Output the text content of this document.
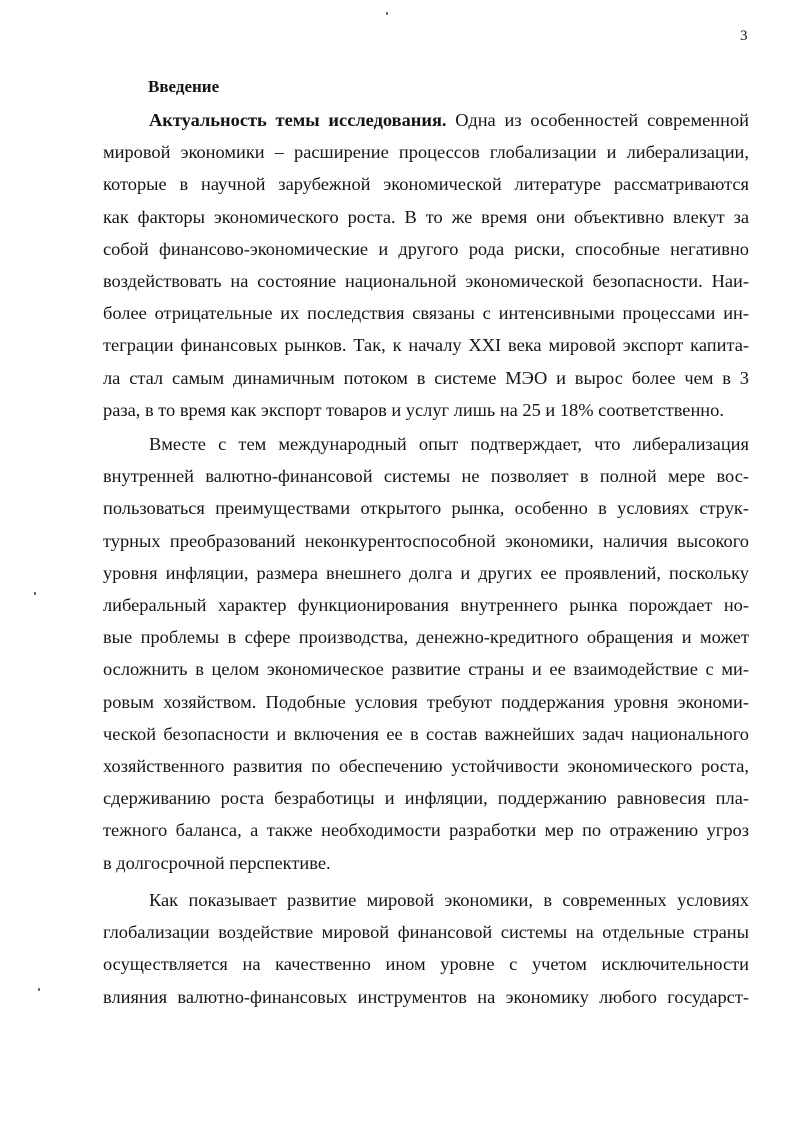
3
Введение
Актуальность темы исследования. Одна из особенностей современной
мировой экономики – расширение процессов глобализации и либерализации,
которые в научной зарубежной экономической литературе рассматриваются
как факторы экономического роста. В то же время они объективно влекут за
собой финансово-экономические и другого рода риски, способные негативно
воздействовать на состояние национальной экономической безопасности. Наи-
более отрицательные их последствия связаны с интенсивными процессами ин-
теграции финансовых рынков. Так, к началу XXI века мировой экспорт капита-
ла стал самым динамичным потоком в системе МЭО и вырос более чем в 3
раза, в то время как экспорт товаров и услуг лишь на 25 и 18% соответственно.
Вместе с тем международный опыт подтверждает, что либерализация
внутренней валютно-финансовой системы не позволяет в полной мере вос-
пользоваться преимуществами открытого рынка, особенно в условиях струк-
турных преобразований неконкурентоспособной экономики, наличия высокого
уровня инфляции, размера внешнего долга и других ее проявлений, поскольку
либеральный характер функционирования внутреннего рынка порождает но-
вые проблемы в сфере производства, денежно-кредитного обращения и может
осложнить в целом экономическое развитие страны и ее взаимодействие с ми-
ровым хозяйством. Подобные условия требуют поддержания уровня экономи-
ческой безопасности и включения ее в состав важнейших задач национального
хозяйственного развития по обеспечению устойчивости экономического роста,
сдерживанию роста безработицы и инфляции, поддержанию равновесия пла-
тежного баланса, а также необходимости разработки мер по отражению угроз
в долгосрочной перспективе.
Как показывает развитие мировой экономики, в современных условиях
глобализации воздействие мировой финансовой системы на отдельные страны
осуществляется на качественно ином уровне с учетом исключительности
влияния валютно-финансовых инструментов на экономику любого государст-
